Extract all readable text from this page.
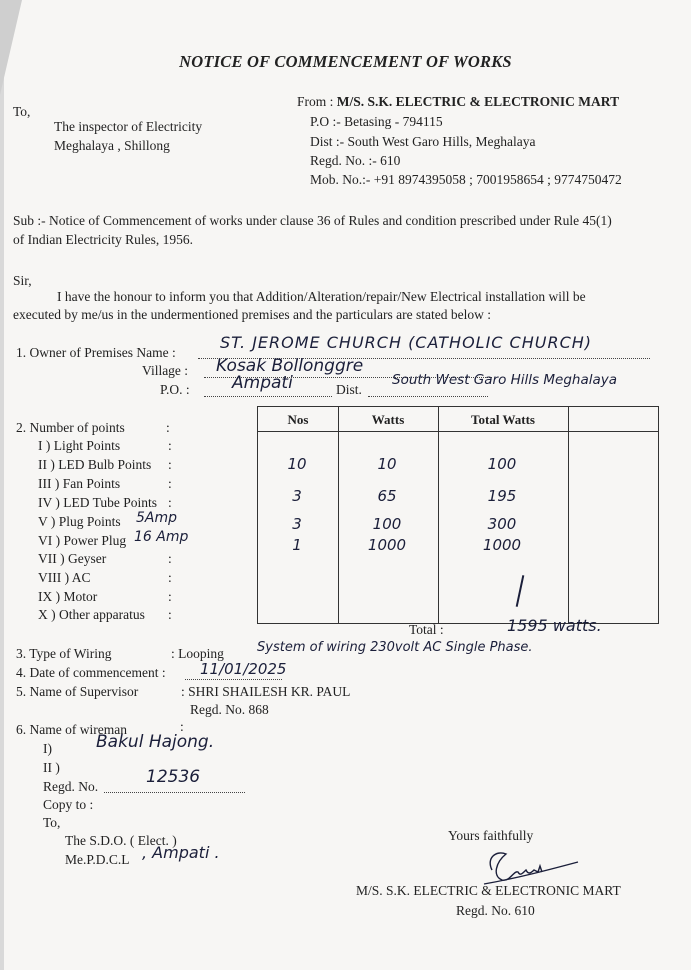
NOTICE OF COMMENCEMENT OF WORKS
To,
The inspector of Electricity
Meghalaya , Shillong
From : M/S. S.K. ELECTRIC & ELECTRONIC MART
P.O :- Betasing - 794115
Dist :- South West Garo Hills, Meghalaya
Regd. No. :- 610
Mob. No.:- +91 8974395058 ; 7001958654 ; 9774750472
Sub :- Notice of Commencement of works under clause 36 of Rules and condition prescribed under Rule 45(1)
of Indian Electricity Rules, 1956.
Sir,
I have the honour to inform you that Addition/Alteration/repair/New Electrical installation will be
executed by me/us in the undermentioned premises and the particulars are stated below :
1. Owner of Premises Name :
ST. JEROME CHURCH (CATHOLIC CHURCH)
Village : Kosak Bollonggre
P.O. : Ampati	Dist.
South West Garo Hills Meghalaya
2. Number of points	:
I ) Light Points	:
II ) LED Bulb Points :
III ) Fan Points	:
IV ) LED Tube Points :
V ) Plug Points 5Amp
VI ) Power Plug 16 Amp
VII ) Geyser	:
VIII ) AC	:
IX ) Motor	:
X ) Other apparatus :
Nos	Watts	Total Watts
10	10	100
3	65	195
3	100	300
1	1000	1000
Total :	1595 watts.
3. Type of Wiring	: Looping	System of wiring 230volt AC Single Phase.
4. Date of commencement : 11/01/2025
5. Name of Supervisor	: SHRI SHAILESH KR. PAUL
Regd. No. 868
6. Name of wireman	:
I)	Bakul Hajong.
II )
Regd. No.	12536
Copy to :
To,
The S.D.O. ( Elect. )
Me.P.D.C.L , Ampati .
Yours faithfully
M/S. S.K. ELECTRIC & ELECTRONIC MART
Regd. No. 610
